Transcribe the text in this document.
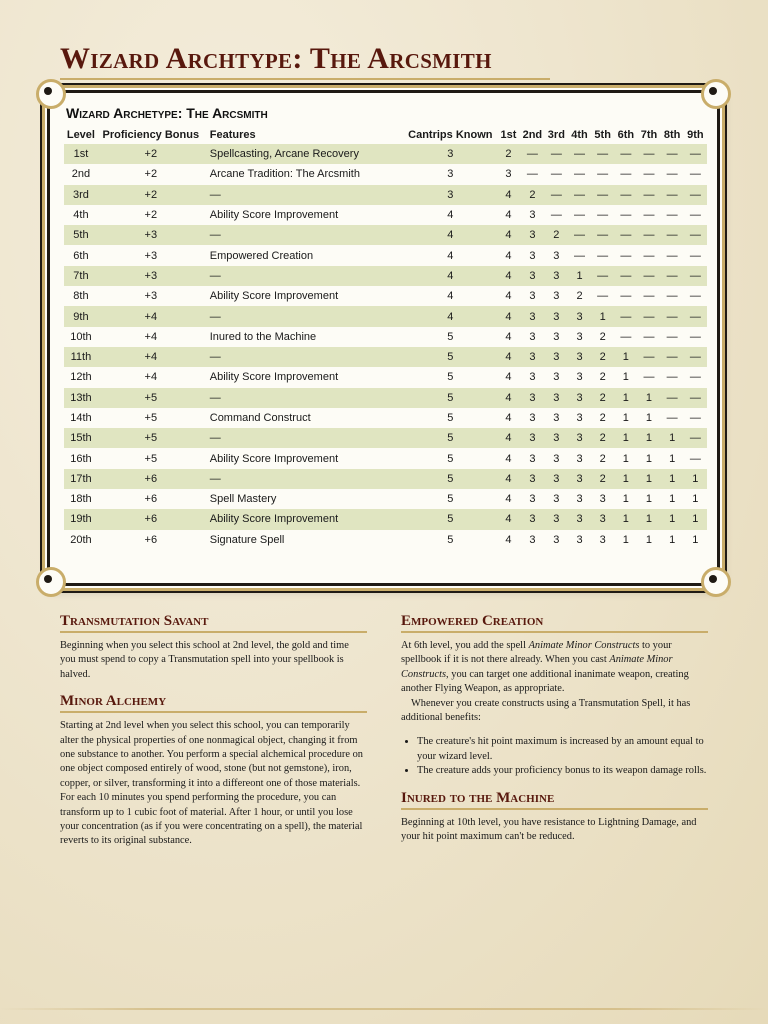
Wizard Archtype: The Arcsmith
Wizard Archetype: The Arcsmith
Level	Proficiency Bonus	Features	Cantrips Known	1st	2nd	3rd	4th	5th	6th	7th	8th	9th
1st	+2	Spellcasting, Arcane Recovery	3	2	—	—	—	—	—	—	—	—
2nd	+2	Arcane Tradition: The Arcsmith	3	3	—	—	—	—	—	—	—	—
3rd	+2	—	3	4	2	—	—	—	—	—	—	—
4th	+2	Ability Score Improvement	4	4	3	—	—	—	—	—	—	—
5th	+3	—	4	4	3	2	—	—	—	—	—	—
6th	+3	Empowered Creation	4	4	3	3	—	—	—	—	—	—
7th	+3	—	4	4	3	3	1	—	—	—	—	—
8th	+3	Ability Score Improvement	4	4	3	3	2	—	—	—	—	—
9th	+4	—	4	4	3	3	3	1	—	—	—	—
10th	+4	Inured to the Machine	5	4	3	3	3	2	—	—	—	—
11th	+4	—	5	4	3	3	3	2	1	—	—	—
12th	+4	Ability Score Improvement	5	4	3	3	3	2	1	—	—	—
13th	+5	—	5	4	3	3	3	2	1	1	—	—
14th	+5	Command Construct	5	4	3	3	3	2	1	1	—	—
15th	+5	—	5	4	3	3	3	2	1	1	1	—
16th	+5	Ability Score Improvement	5	4	3	3	3	2	1	1	1	—
17th	+6	—	5	4	3	3	3	2	1	1	1	1
18th	+6	Spell Mastery	5	4	3	3	3	3	1	1	1	1
19th	+6	Ability Score Improvement	5	4	3	3	3	3	1	1	1	1
20th	+6	Signature Spell	5	4	3	3	3	3	1	1	1	1
Transmutation Savant

Beginning when you select this school at 2nd level, the gold and time you must spend to copy a Transmutation spell into your spellbook is halved.

Minor Alchemy

Starting at 2nd level when you select this school, you can temporarily alter the physical properties of one nonmagical object, changing it from one substance to another. You perform a special alchemical procedure on one object composed entirely of wood, stone (but not gemstone), iron, copper, or silver, transforming it into a differeont one of those materials. For each 10 minutes you spend performing the procedure, you can transform up to 1 cubic foot of material. After 1 hour, or until you lose your concentration (as if you were concentrating on a spell), the material reverts to its original substance.

Empowered Creation

At 6th level, you add the spell Animate Minor Constructs to your spellbook if it is not there already. When you cast Animate Minor Constructs, you can target one additional inanimate weapon, creating another Flying Weapon, as appropriate.

Whenever you create constructs using a Transmutation Spell, it has additional benefits:

• The creature's hit point maximum is increased by an amount equal to your wizard level.
• The creature adds your proficiency bonus to its weapon damage rolls.
Inured to the Machine

Beginning at 10th level, you have resistance to Lightning Damage, and your hit point maximum can't be reduced.
